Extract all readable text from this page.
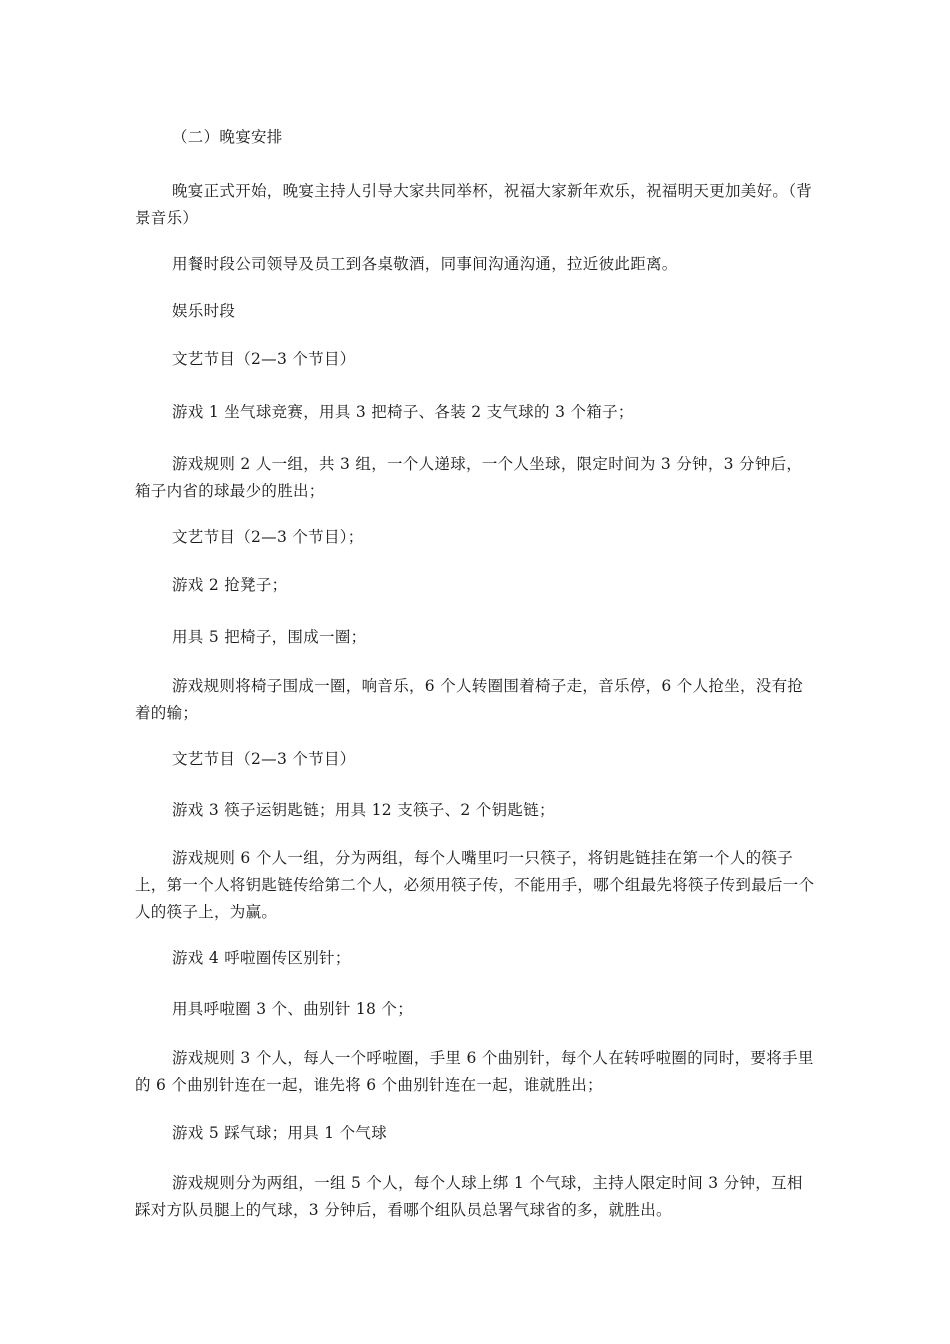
（二）晚宴安排

晚宴正式开始，晚宴主持人引导大家共同举杯，祝福大家新年欢乐，祝福明天更加美好。（背景音乐）

用餐时段公司领导及员工到各桌敬酒，同事间沟通沟通，拉近彼此距离。

娱乐时段

文艺节目（2—3 个节目）

游戏 1 坐气球竞赛，用具 3 把椅子、各装 2 支气球的 3 个箱子；

游戏规则 2 人一组，共 3 组，一个人递球，一个人坐球，限定时间为 3 分钟，3 分钟后，箱子内省的球最少的胜出；

文艺节目（2—3 个节目）；

游戏 2 抢凳子；

用具 5 把椅子，围成一圈；

游戏规则将椅子围成一圈，响音乐，6 个人转圈围着椅子走，音乐停，6 个人抢坐，没有抢着的输；

文艺节目（2—3 个节目）

游戏 3 筷子运钥匙链；用具 12 支筷子、2 个钥匙链；

游戏规则 6 个人一组，分为两组，每个人嘴里叼一只筷子，将钥匙链挂在第一个人的筷子上，第一个人将钥匙链传给第二个人，必须用筷子传，不能用手，哪个组最先将筷子传到最后一个人的筷子上，为赢。

游戏 4 呼啦圈传区别针；

用具呼啦圈 3 个、曲别针 18 个；

游戏规则 3 个人，每人一个呼啦圈，手里 6 个曲别针，每个人在转呼啦圈的同时，要将手里的 6 个曲别针连在一起，谁先将 6 个曲别针连在一起，谁就胜出；

游戏 5 踩气球；用具 1 个气球

游戏规则分为两组，一组 5 个人，每个人球上绑 1 个气球，主持人限定时间 3 分钟，互相踩对方队员腿上的气球，3 分钟后，看哪个组队员总署气球省的多，就胜出。
